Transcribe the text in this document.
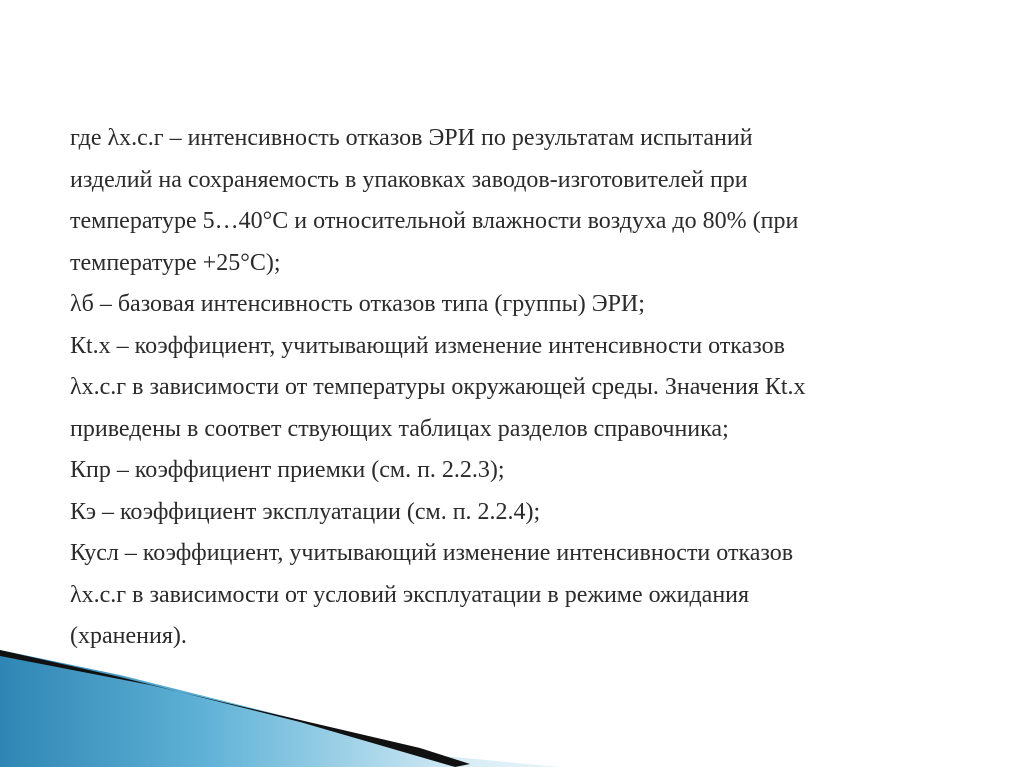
где λх.с.г – интенсивность отказов ЭРИ по результатам испытаний
изделий на сохраняемость в упаковках заводов-изготовителей при
температуре 5…40°С и относительной влажности воздуха до 80% (при
температуре +25°С);
λб – базовая интенсивность отказов типа (группы) ЭРИ;
Кt.х – коэффициент, учитывающий изменение интенсивности отказов
λх.с.г в зависимости от температуры окружающей среды. Значения Кt.х
приведены в соответ ствующих таблицах разделов справочника;
Кпр – коэффициент приемки (см. п. 2.2.3);
Кэ – коэффициент эксплуатации (см. п. 2.2.4);
Кусл – коэффициент, учитывающий изменение интенсивности отказов
λх.с.г в зависимости от условий эксплуатации в режиме ожидания
(хранения).
